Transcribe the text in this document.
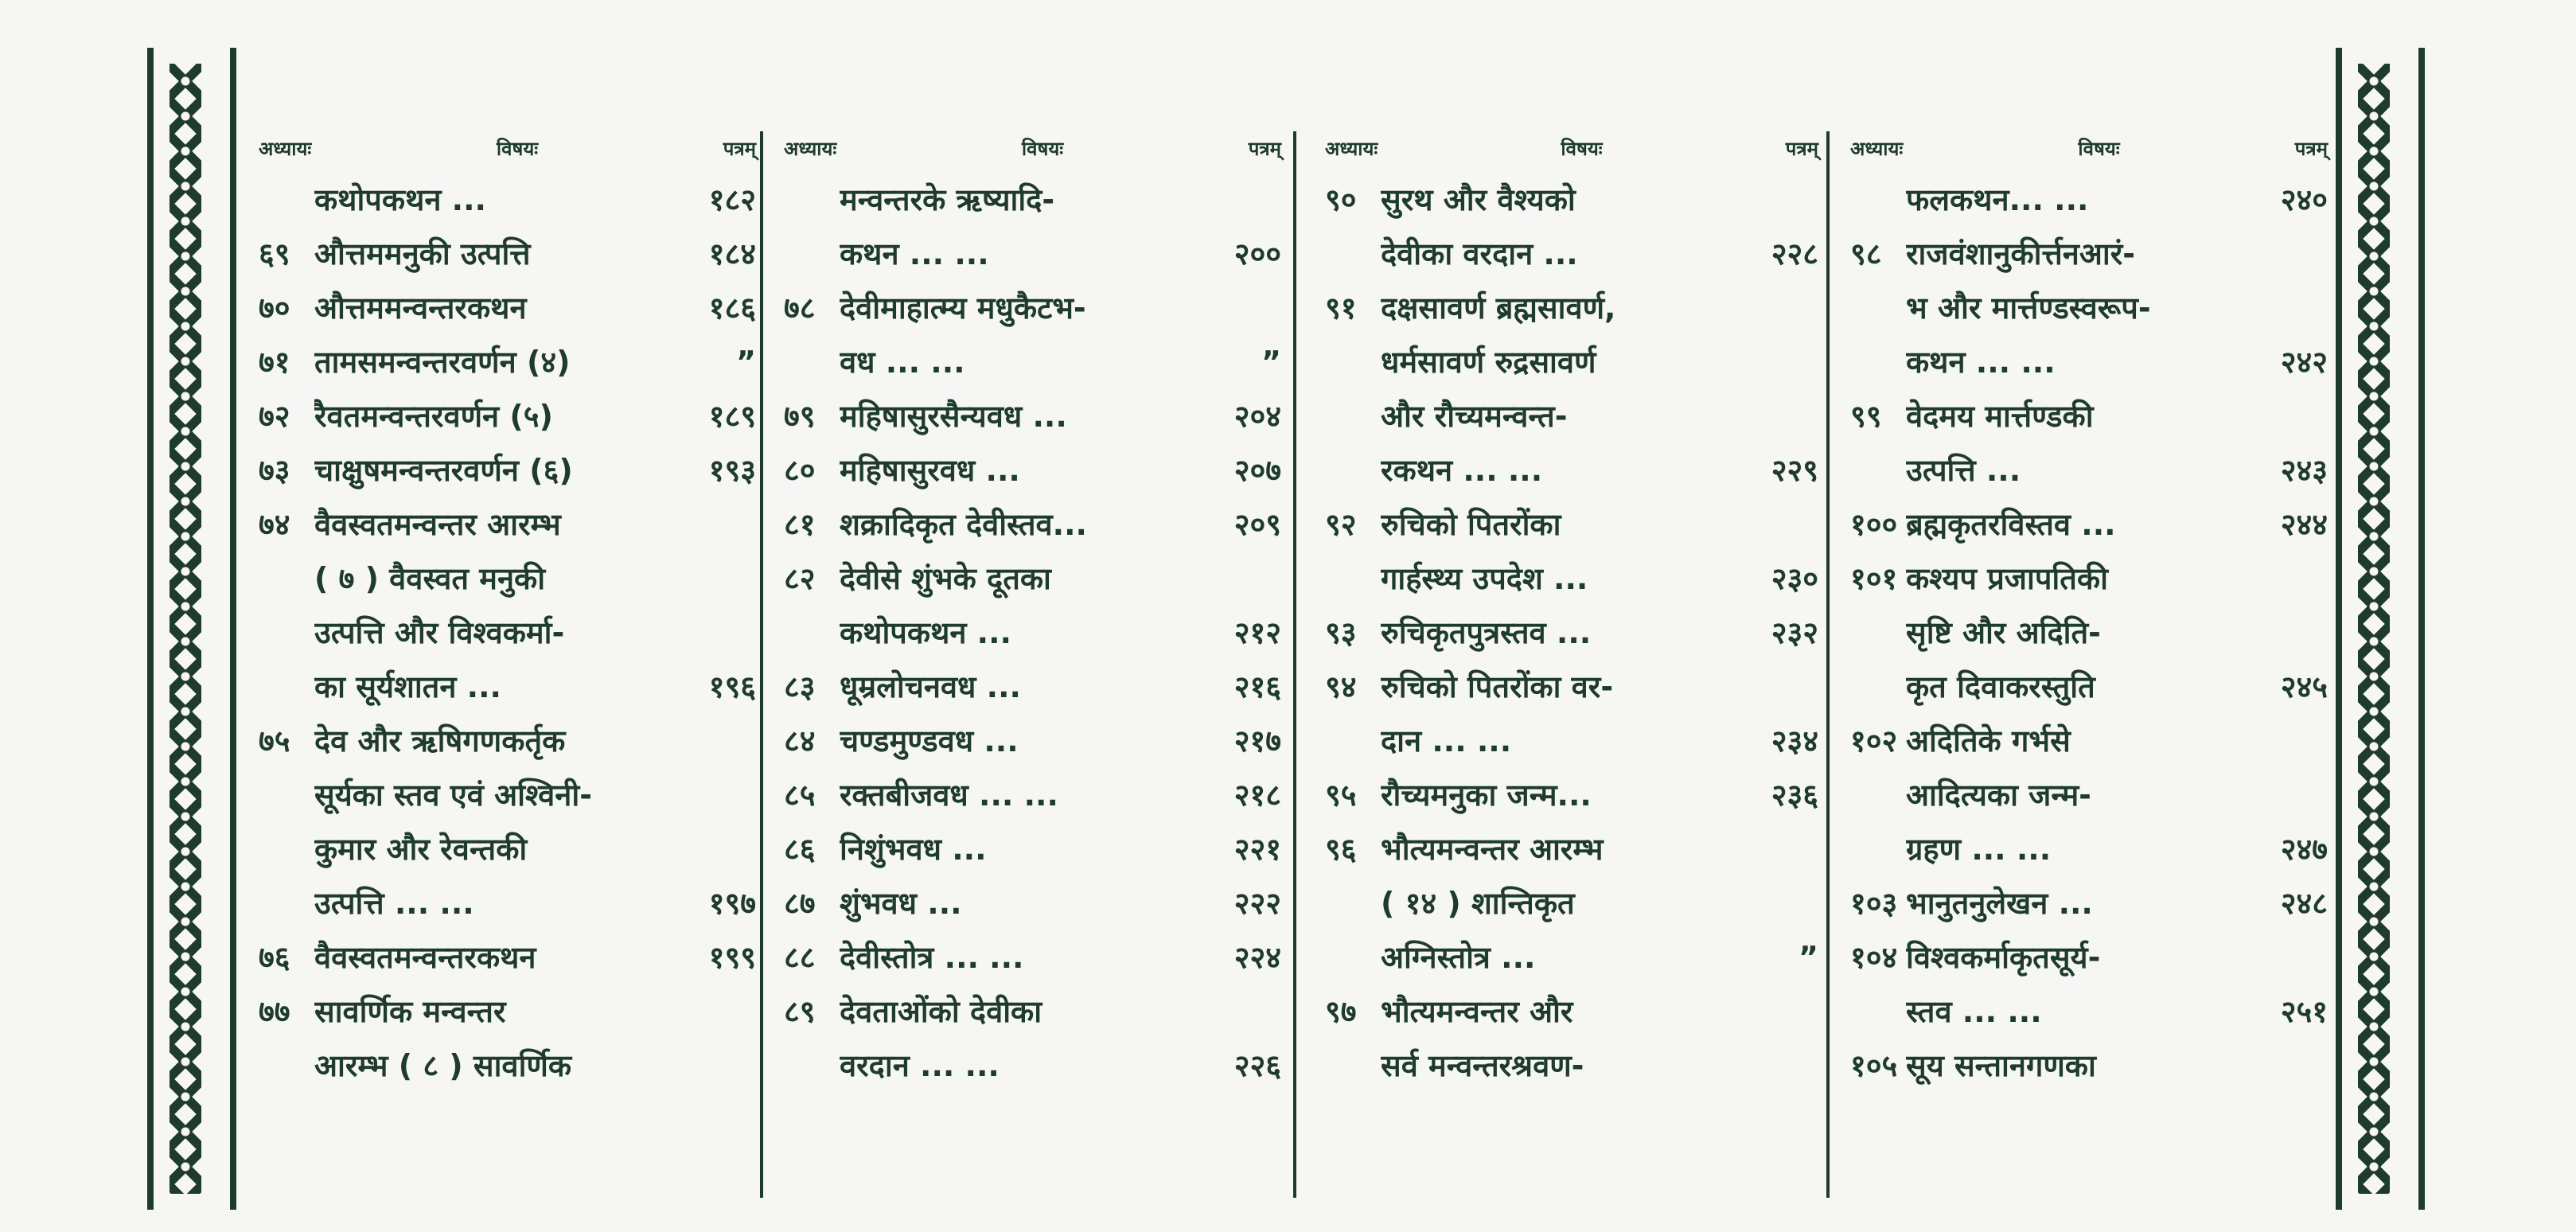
अध्यायः	विषयः	पत्रम्
कथोपकथन ...	१८२
६९ औत्तममनुकी उत्पत्ति	१८४
७० औत्तममन्वन्तरकथन	१८६
७१ तामसमन्वन्तरवर्णन (४)	”
७२ रैवतमन्वन्तरवर्णन (५)	१८९
७३ चाक्षुषमन्वन्तरवर्णन (६)	१९३
७४ वैवस्वतमन्वन्तर आरम्भ
( ७ ) वैवस्वत मनुकी
उत्पत्ति और विश्वकर्मा-
का सूर्यशातन ...	१९६
७५ देव और ऋषिगणकर्तृक
सूर्यका स्तव एवं अश्विनी-
कुमार और रेवन्तकी
उत्पत्ति ... ...	१९७
७६ वैवस्वतमन्वन्तरकथन	१९९
७७ सावर्णिक मन्वन्तर
आरम्भ ( ८ ) सावर्णिक
अध्यायः	विषयः	पत्रम्
मन्वन्तरके ऋष्यादि-
कथन ... ...	२००
७८ देवीमाहात्म्य मधुकैटभ-
वध ... ...	”
७९ महिषासुरसैन्यवध ...	२०४
८० महिषासुरवध ...	२०७
८१ शक्रादिकृत देवीस्तव...	२०९
८२ देवीसे शुंभके दूतका
कथोपकथन ...	२१२
८३ धूम्रलोचनवध ...	२१६
८४ चण्डमुण्डवध ...	२१७
८५ रक्तबीजवध ... ...	२१८
८६ निशुंभवध ...	२२१
८७ शुंभवध ...	२२२
८८ देवीस्तोत्र ... ...	२२४
८९ देवताओंको देवीका
वरदान ... ...	२२६
अध्यायः	विषयः	पत्रम्
९० सुरथ और वैश्यको
देवीका वरदान ...	२२८
९१ दक्षसावर्ण ब्रह्मसावर्ण,
धर्मसावर्ण रुद्रसावर्ण
और रौच्यमन्वन्त-
रकथन ... ...	२२९
९२ रुचिको पितरोंका
गार्हस्थ्य उपदेश ...	२३०
९३ रुचिकृतपुत्रस्तव ...	२३२
९४ रुचिको पितरोंका वर-
दान ... ...	२३४
९५ रौच्यमनुका जन्म...	२३६
९६ भौत्यमन्वन्तर आरम्भ
( १४ ) शान्तिकृत
अग्निस्तोत्र ...	”
९७ भौत्यमन्वन्तर और
सर्व मन्वन्तरश्रवण-
अध्यायः	विषयः	पत्रम्
फलकथन... ...	२४०
९८ राजवंशानुकीर्त्तनआरं-
भ और मार्त्तण्डस्वरूप-
कथन ... ...	२४२
९९ वेदमय मार्त्तण्डकी
उत्पत्ति ...	२४३
१०० ब्रह्मकृतरविस्तव ...	२४४
१०१ कश्यप प्रजापतिकी
सृष्टि और अदिति-
कृत दिवाकरस्तुति	२४५
१०२ अदितिके गर्भसे
आदित्यका जन्म-
ग्रहण ... ...	२४७
१०३ भानुतनुलेखन ...	२४८
१०४ विश्वकर्माकृतसूर्य-
स्तव ... ...	२५१
१०५ सूय सन्तानगणका
